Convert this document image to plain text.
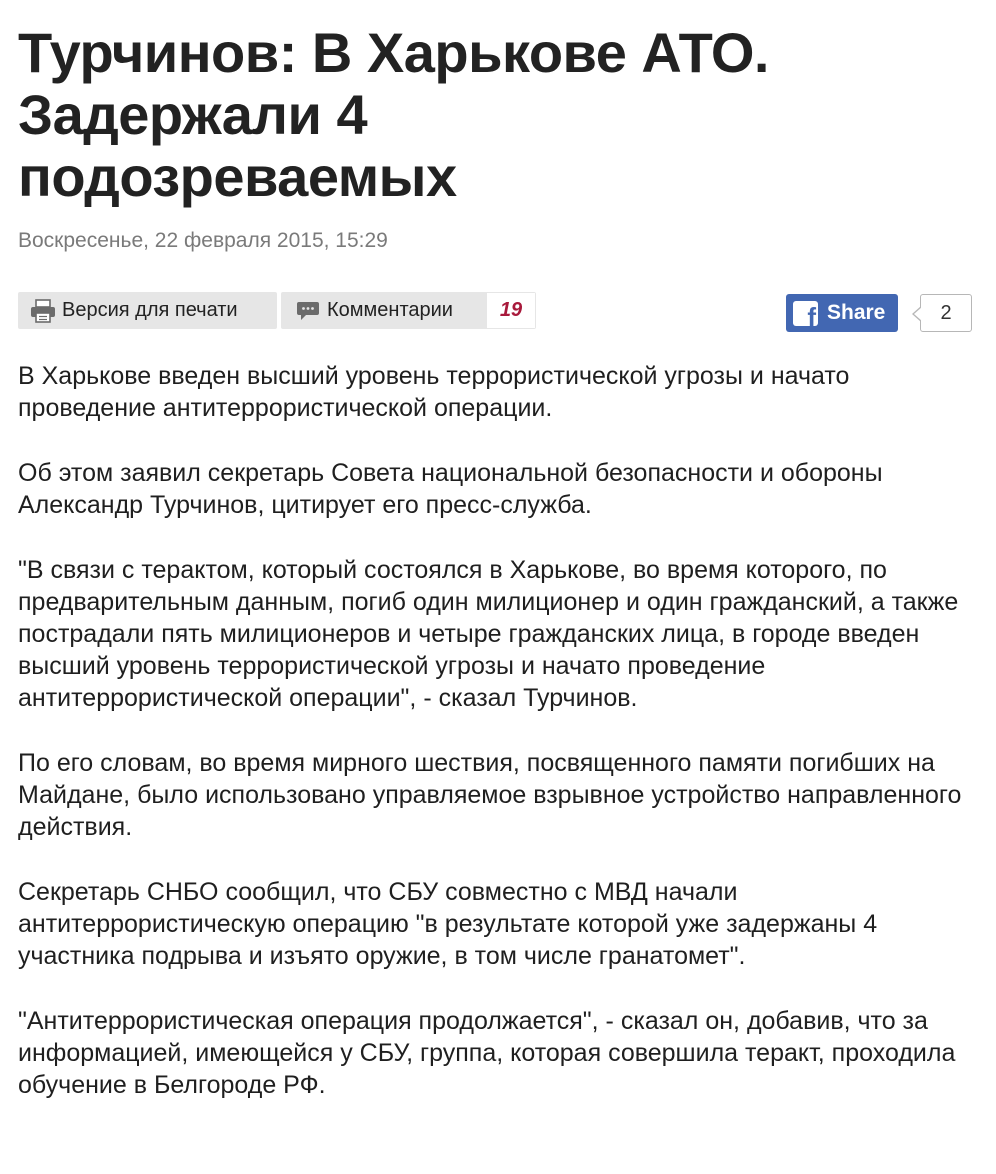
Турчинов: В Харькове АТО.
Задержали 4
подозреваемых
Воскресенье, 22 февраля 2015, 15:29
Версия для печати	Комментарии	19	f Share	2

В Харькове введен высший уровень террористической угрозы и начато проведение антитеррористической операции.

Об этом заявил секретарь Совета национальной безопасности и обороны Александр Турчинов, цитирует его пресс-служба.

"В связи с терактом, который состоялся в Харькове, во время которого, по предварительным данным, погиб один милиционер и один гражданский, а также пострадали пять милиционеров и четыре гражданских лица, в городе введен высший уровень террористической угрозы и начато проведение антитеррористической операции", - сказал Турчинов.

По его словам, во время мирного шествия, посвященного памяти погибших на Майдане, было использовано управляемое взрывное устройство направленного действия.

Секретарь СНБО сообщил, что СБУ совместно с МВД начали антитеррористическую операцию "в результате которой уже задержаны 4 участника подрыва и изъято оружие, в том числе гранатомет".

"Антитеррористическая операция продолжается", - сказал он, добавив, что за информацией, имеющейся у СБУ, группа, которая совершила теракт, проходила обучение в Белгороде РФ.
